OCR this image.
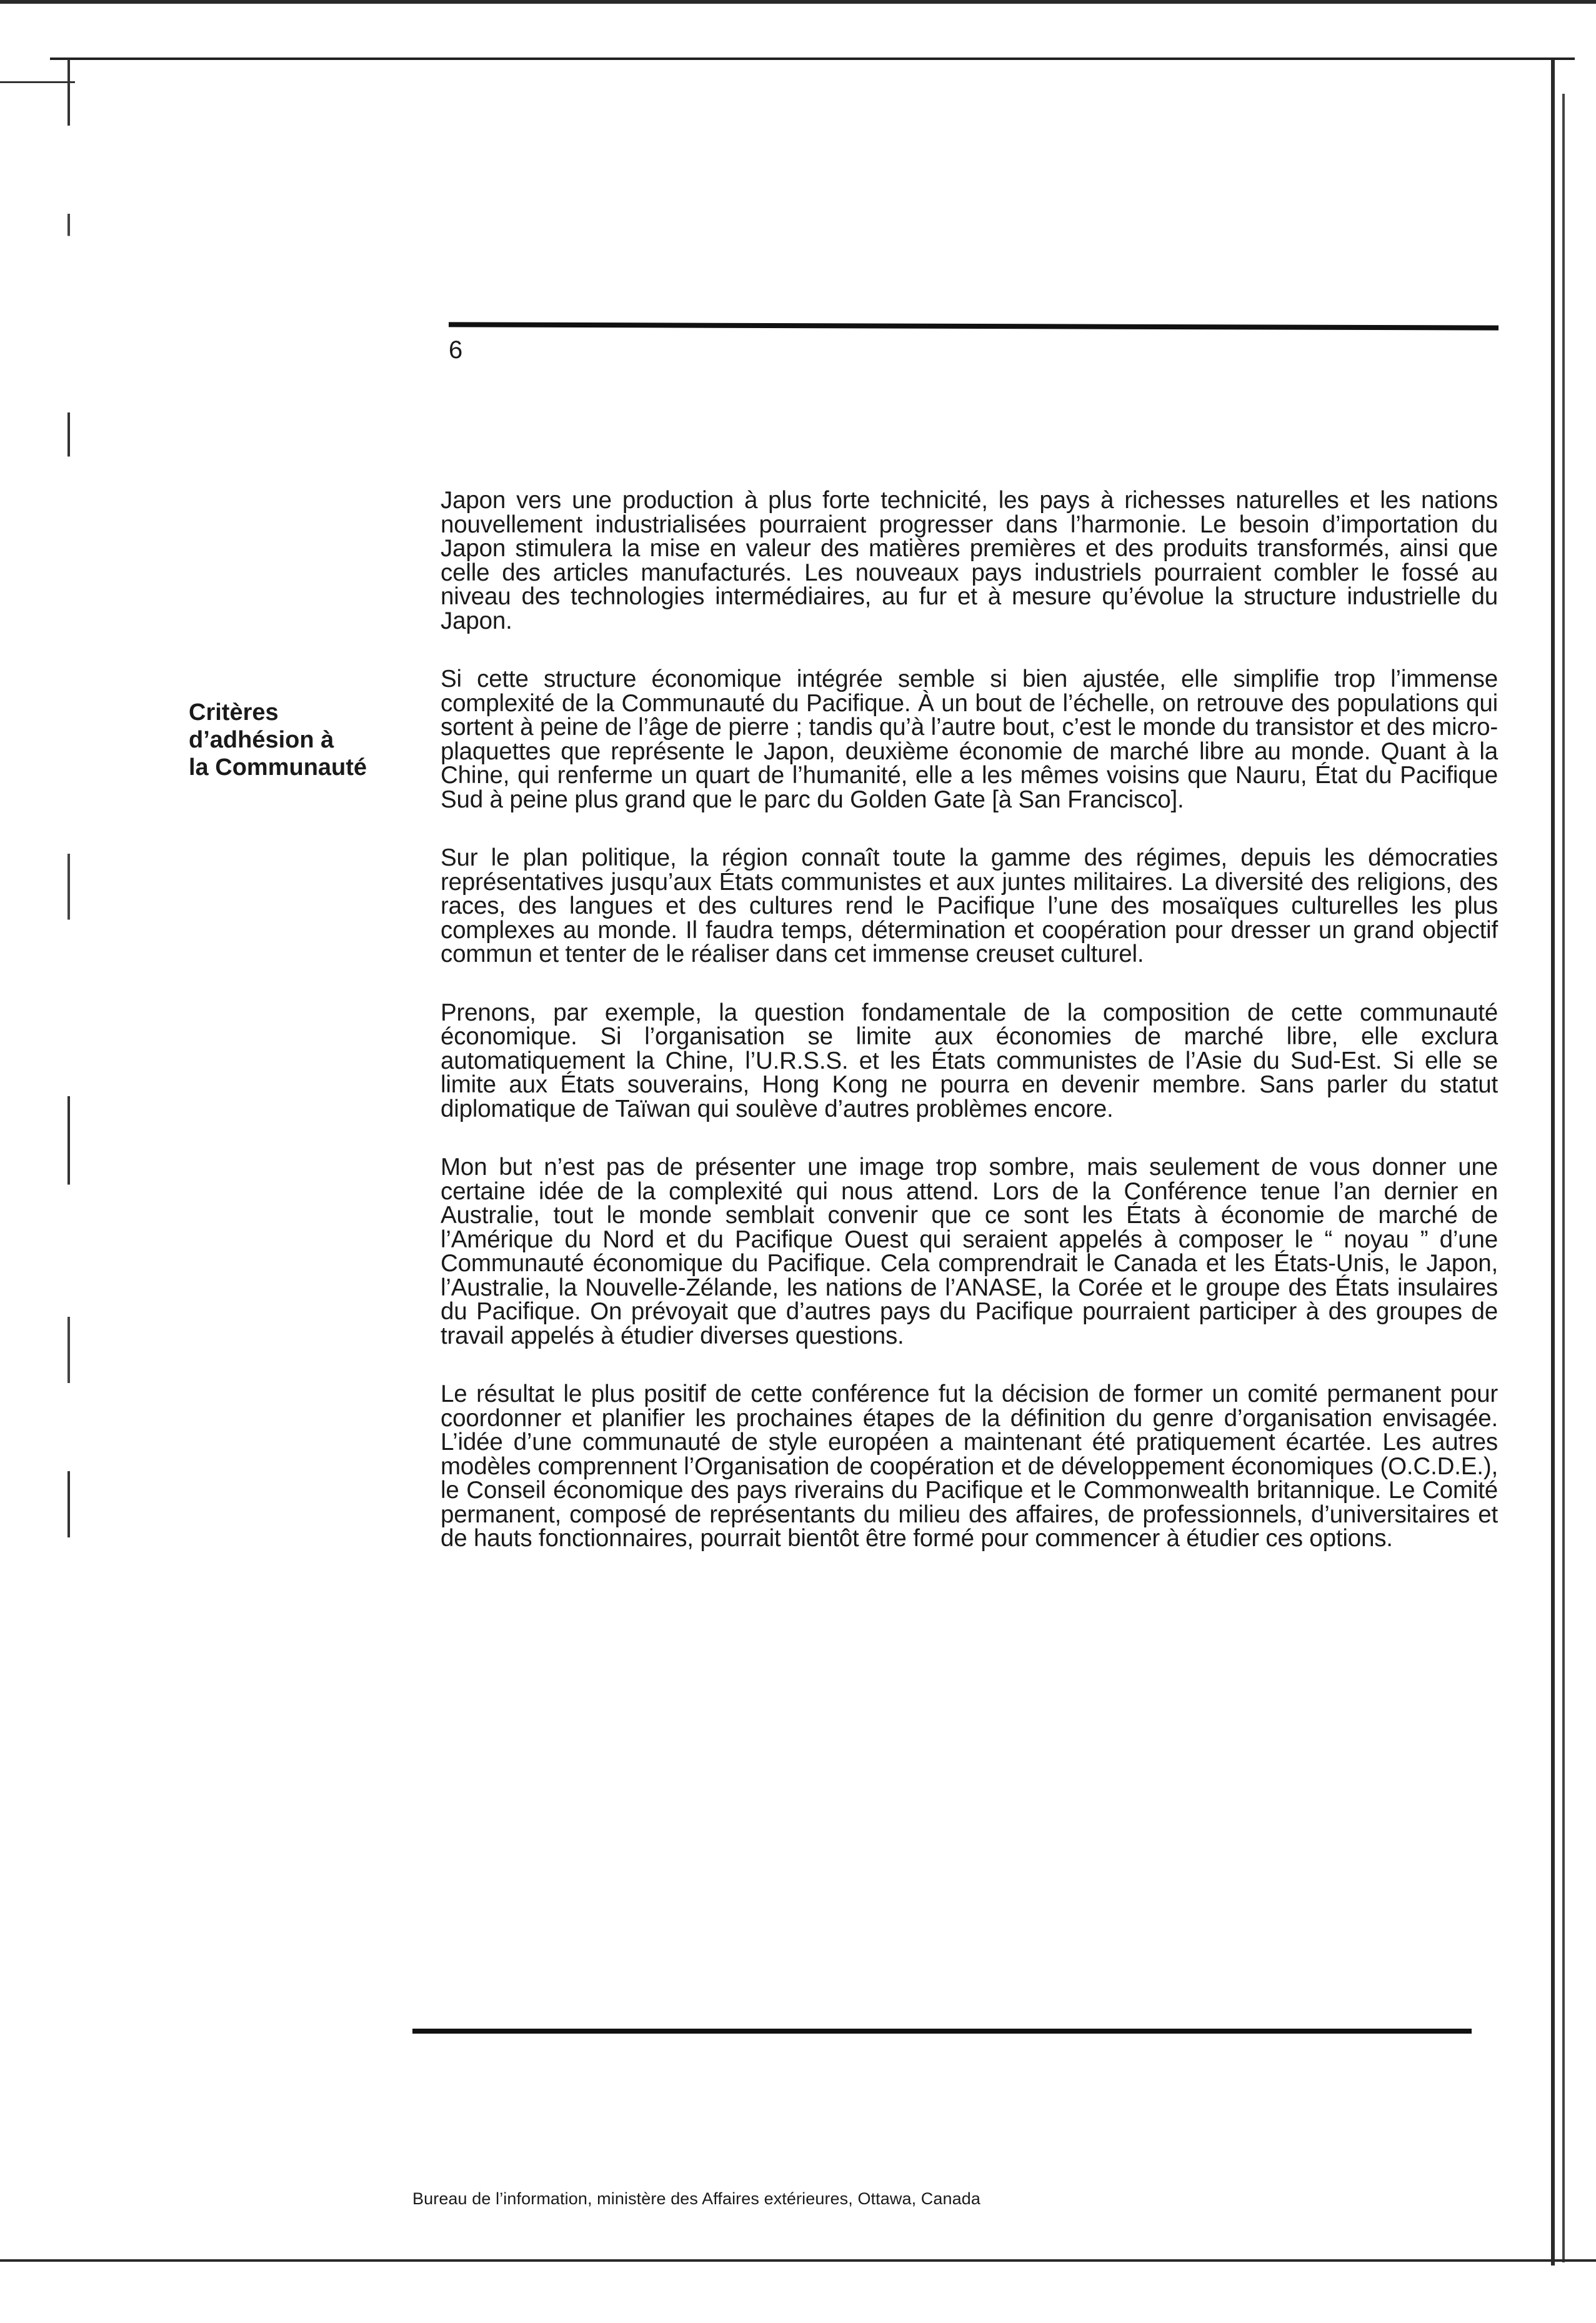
6
Critères
d’adhésion à
la Communauté

Japon vers une production à plus forte technicité, les pays à richesses naturelles et les nations nouvellement industrialisées pourraient progresser dans l’harmonie. Le besoin d’importation du Japon stimulera la mise en valeur des matières premières et des produits transformés, ainsi que celle des articles manufacturés. Les nouveaux pays industriels pourraient combler le fossé au niveau des technologies intermédiaires, au fur et à mesure qu’évolue la structure industrielle du Japon.

Si cette structure économique intégrée semble si bien ajustée, elle simplifie trop l’immense complexité de la Communauté du Pacifique. À un bout de l’échelle, on retrouve des populations qui sortent à peine de l’âge de pierre ; tandis qu’à l’autre bout, c’est le monde du transistor et des micro-plaquettes que représente le Japon, deuxième économie de marché libre au monde. Quant à la Chine, qui renferme un quart de l’humanité, elle a les mêmes voisins que Nauru, État du Pacifique Sud à peine plus grand que le parc du Golden Gate [à San Francisco].

Sur le plan politique, la région connaît toute la gamme des régimes, depuis les démocraties représentatives jusqu’aux États communistes et aux juntes militaires. La diversité des religions, des races, des langues et des cultures rend le Pacifique l’une des mosaïques culturelles les plus complexes au monde. Il faudra temps, détermination et coopération pour dresser un grand objectif commun et tenter de le réaliser dans cet immense creuset culturel.

Prenons, par exemple, la question fondamentale de la composition de cette communauté économique. Si l’organisation se limite aux économies de marché libre, elle exclura automatiquement la Chine, l’U.R.S.S. et les États communistes de l’Asie du Sud-Est. Si elle se limite aux États souverains, Hong Kong ne pourra en devenir membre. Sans parler du statut diplomatique de Taïwan qui soulève d’autres problèmes encore.

Mon but n’est pas de présenter une image trop sombre, mais seulement de vous donner une certaine idée de la complexité qui nous attend. Lors de la Conférence tenue l’an dernier en Australie, tout le monde semblait convenir que ce sont les États à économie de marché de l’Amérique du Nord et du Pacifique Ouest qui seraient appelés à composer le “ noyau ” d’une Communauté économique du Pacifique. Cela comprendrait le Canada et les États-Unis, le Japon, l’Australie, la Nouvelle-Zélande, les nations de l’ANASE, la Corée et le groupe des États insulaires du Pacifique. On prévoyait que d’autres pays du Pacifique pourraient participer à des groupes de travail appelés à étudier diverses questions.

Le résultat le plus positif de cette conférence fut la décision de former un comité permanent pour coordonner et planifier les prochaines étapes de la définition du genre d’organisation envisagée. L’idée d’une communauté de style européen a maintenant été pratiquement écartée. Les autres modèles comprennent l’Organisation de coopération et de développement économiques (O.C.D.E.), le Conseil économique des pays riverains du Pacifique et le Commonwealth britannique. Le Comité permanent, composé de représentants du milieu des affaires, de professionnels, d’universitaires et de hauts fonctionnaires, pourrait bientôt être formé pour commencer à étudier ces options.

Bureau de l’information, ministère des Affaires extérieures, Ottawa, Canada
